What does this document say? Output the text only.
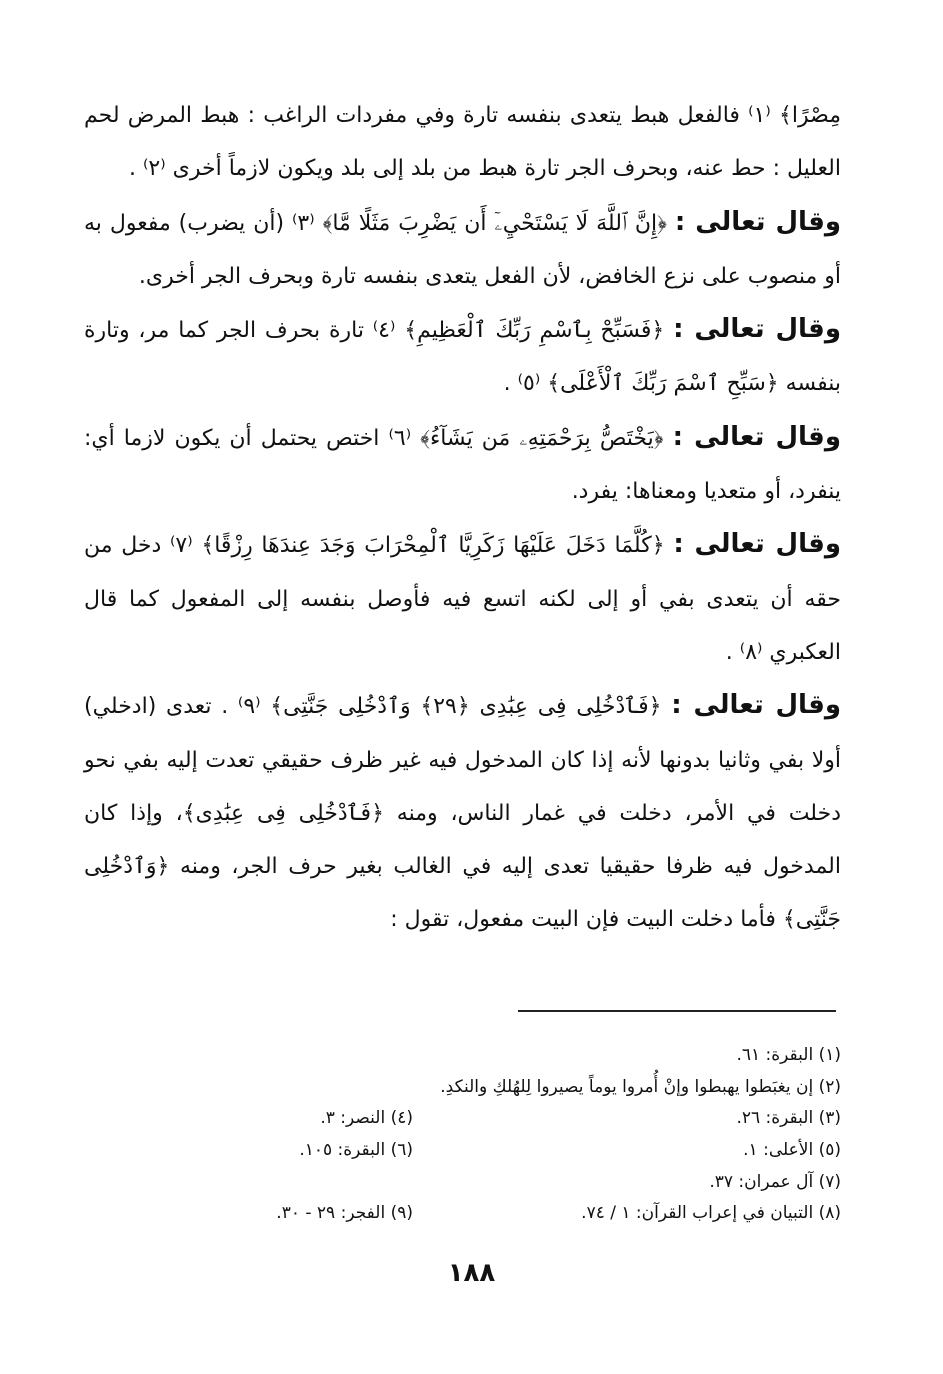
مِصْرًا﴾ ⁽١⁾ فالفعل هبط يتعدى بنفسه تارة وفي مفردات الراغب : هبط المرض لحم العليل : حط عنه، وبحرف الجر تارة هبط من بلد إلى بلد ويكون لازماً أخرى ⁽٢⁾ .

وقال تعالى : ﴿إِنَّ ٱللَّهَ لَا يَسْتَحْيِۦٓ أَن يَضْرِبَ مَثَلًا مَّا﴾ ⁽٣⁾ (أن يضرب) مفعول به أو منصوب على نزع الخافض، لأن الفعل يتعدى بنفسه تارة وبحرف الجر أخرى.

وقال تعالى : ﴿فَسَبِّحْ بِٱسْمِ رَبِّكَ ٱلْعَظِيمِ﴾ ⁽٤⁾ تارة بحرف الجر كما مر، وتارة بنفسه ﴿سَبِّحِ ٱسْمَ رَبِّكَ ٱلْأَعْلَى﴾ ⁽٥⁾ .

وقال تعالى : ﴿يَخْتَصُّ بِرَحْمَتِهِۦ مَن يَشَآءُ﴾ ⁽٦⁾ اختص يحتمل أن يكون لازما أي: ينفرد، أو متعديا ومعناها: يفرد.

وقال تعالى : ﴿كُلَّمَا دَخَلَ عَلَيْهَا زَكَرِيَّا ٱلْمِحْرَابَ وَجَدَ عِندَهَا رِزْقًا﴾ ⁽٧⁾ دخل من حقه أن يتعدى بفي أو إلى لكنه اتسع فيه فأوصل بنفسه إلى المفعول كما قال العكبري ⁽٨⁾ .

وقال تعالى : ﴿فَٱدْخُلِى فِى عِبَٰدِى ﴿٢٩﴾ وَٱدْخُلِى جَنَّتِى﴾ ⁽٩⁾ . تعدى (ادخلي) أولا بفي وثانيا بدونها لأنه إذا كان المدخول فيه غير ظرف حقيقي تعدت إليه بفي نحو دخلت في الأمر، دخلت في غمار الناس، ومنه ﴿فَٱدْخُلِى فِى عِبَٰدِى﴾، وإذا كان المدخول فيه ظرفا حقيقيا تعدى إليه في الغالب بغير حرف الجر، ومنه ﴿وَٱدْخُلِى جَنَّتِى﴾ فأما دخلت البيت فإن البيت مفعول، تقول :

(١) البقرة: ٦١.
(٢) إن يغبَطوا يهبطوا وإنْ أُمروا يوماً يصيروا لِلهُلكِ والنكدِ.
(٣) البقرة: ٢٦.
(٤) النصر: ٣.
(٥) الأعلى: ١.
(٦) البقرة: ١٠٥.
(٧) آل عمران: ٣٧.
(٨) التبيان في إعراب القرآن: ١ / ٧٤.
(٩) الفجر: ٢٩ - ٣٠.
١٨٨
